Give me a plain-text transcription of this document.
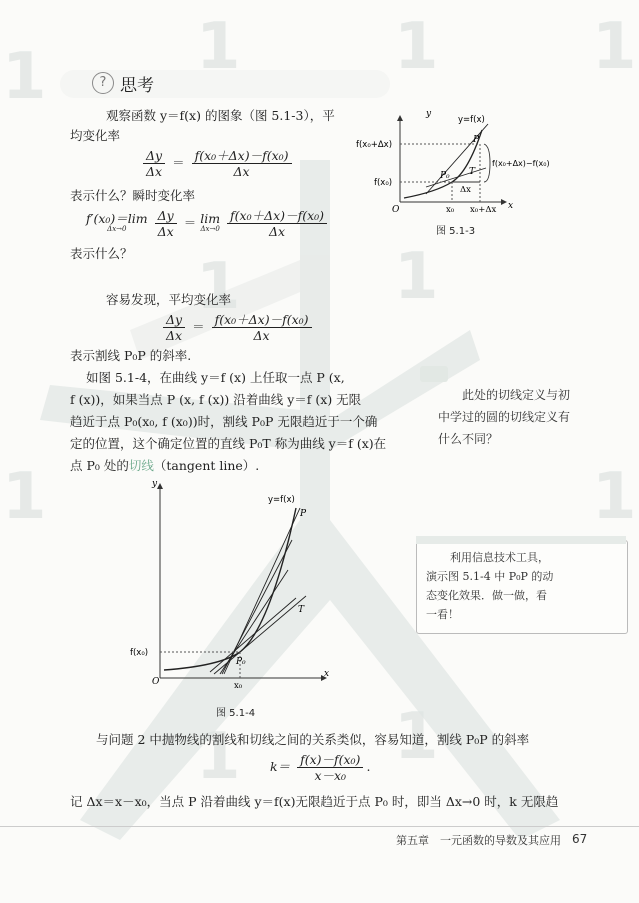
1 1 1 1
1 1
1	1
1 1
? 思考
观察函数 y＝f(x) 的图象（图 5.1-3），平
均变化率
$\frac{\Delta y}{\Delta x} = \frac{\text{f(x₀＋Δx)－f(x₀)}}{\Delta x}$
表示什么？瞬时变化率
f′(x₀)＝lim
Δx→0
	$\frac{\Delta y}{\Delta x} = \lim$
Δx→0
$\frac{\text{f(x₀＋Δx)－f(x₀)}}{\Delta x}$
表示什么？
y
x
O
y=f(x)
P
P₀ T
Δx
f(x₀+Δx)
f(x₀)
x₀ x₀+Δx
f(x₀+Δx)−f(x₀)
图 5.1-3
容易发现，平均变化率
$\frac{\Delta y}{\Delta x} = \frac{\text{f(x₀＋Δx)－f(x₀)}}{\Delta x}$
表示割线 P₀P 的斜率.
如图 5.1-4，在曲线 y＝f (x) 上任取一点 P (x,
f (x))，如果当点 P (x, f (x)) 沿着曲线 y＝f (x) 无限
趋近于点 P₀(x₀, f (x₀))时，割线 P₀P 无限趋近于一个确
定的位置，这个确定位置的直线 P₀T 称为曲线 y＝f (x)在
点 P₀ 处的切线（tangent line）.
此处的切线定义与初
中学过的圆的切线定义有
什么不同？
利用信息技术工具，
演示图 5.1-4 中 P₀P 的动
态变化效果．做一做，看
一看！
y
x
O
y=f(x)
P
T
P₀
f(x₀)
x₀
图 5.1-4
与问题 2 中抛物线的割线和切线之间的关系类似，容易知道，割线 P₀P 的斜率
$k= \frac{\text{f(x)－f(x₀)}}{\text{x－x₀}}$ .
记 Δx＝x－x₀，当点 P 沿着曲线 y＝f(x)无限趋近于点 P₀ 时，即当 Δx→0 时，k 无限趋
第五章　一元函数的导数及其应用 67
